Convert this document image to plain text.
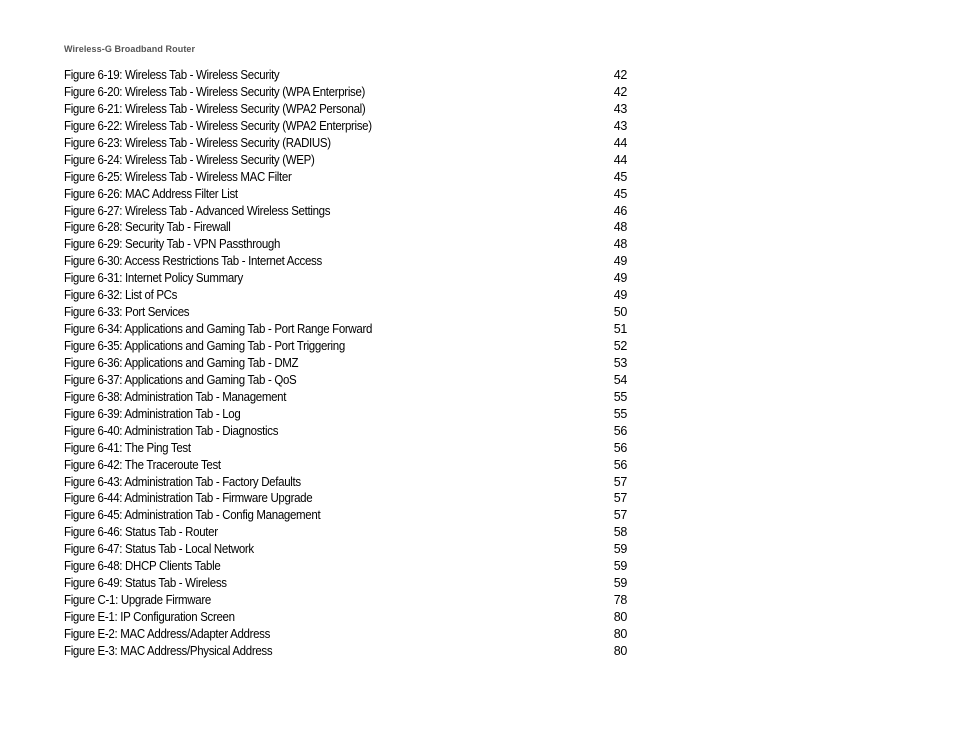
Wireless-G Broadband Router
Figure 6-19: Wireless Tab - Wireless Security	42
Figure 6-20: Wireless Tab - Wireless Security (WPA Enterprise)	42
Figure 6-21: Wireless Tab - Wireless Security (WPA2 Personal)	43
Figure 6-22: Wireless Tab - Wireless Security (WPA2 Enterprise)	43
Figure 6-23: Wireless Tab - Wireless Security (RADIUS)	44
Figure 6-24: Wireless Tab - Wireless Security (WEP)	44
Figure 6-25: Wireless Tab - Wireless MAC Filter	45
Figure 6-26: MAC Address Filter List	45
Figure 6-27: Wireless Tab - Advanced Wireless Settings	46
Figure 6-28: Security Tab - Firewall	48
Figure 6-29: Security Tab - VPN Passthrough	48
Figure 6-30: Access Restrictions Tab - Internet Access	49
Figure 6-31: Internet Policy Summary	49
Figure 6-32: List of PCs	49
Figure 6-33: Port Services	50
Figure 6-34: Applications and Gaming Tab - Port Range Forward	51
Figure 6-35: Applications and Gaming Tab - Port Triggering	52
Figure 6-36: Applications and Gaming Tab - DMZ	53
Figure 6-37: Applications and Gaming Tab - QoS	54
Figure 6-38: Administration Tab - Management	55
Figure 6-39: Administration Tab - Log	55
Figure 6-40: Administration Tab - Diagnostics	56
Figure 6-41: The Ping Test	56
Figure 6-42: The Traceroute Test	56
Figure 6-43: Administration Tab - Factory Defaults	57
Figure 6-44: Administration Tab - Firmware Upgrade	57
Figure 6-45: Administration Tab - Config Management	57
Figure 6-46: Status Tab - Router	58
Figure 6-47: Status Tab - Local Network	59
Figure 6-48: DHCP Clients Table	59
Figure 6-49: Status Tab - Wireless	59
Figure C-1: Upgrade Firmware	78
Figure E-1: IP Configuration Screen	80
Figure E-2: MAC Address/Adapter Address	80
Figure E-3: MAC Address/Physical Address	80
